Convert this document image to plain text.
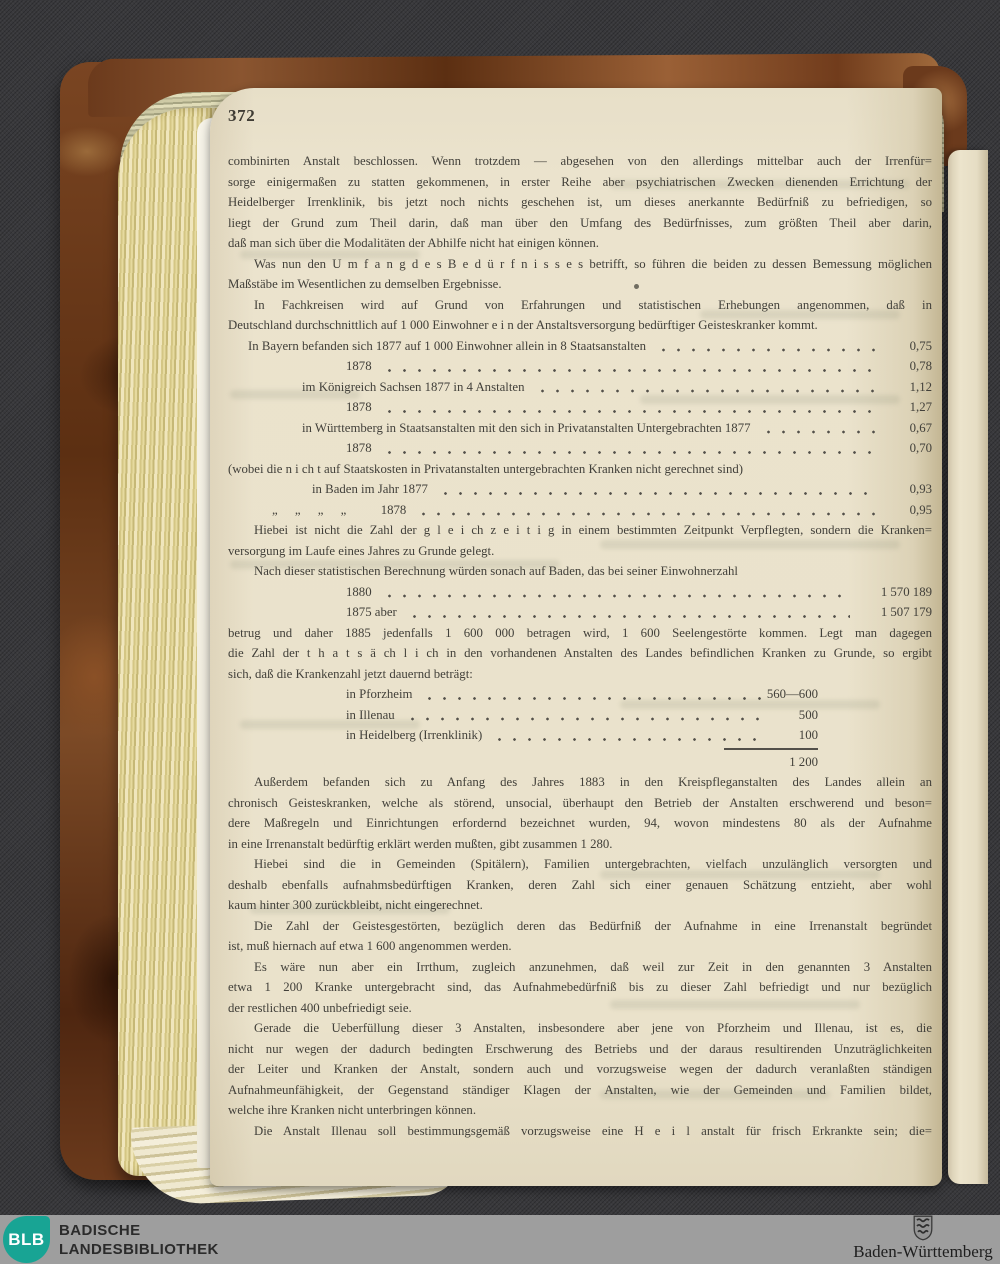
372
combinirten Anstalt beschlossen. Wenn trotzdem — abgesehen von den allerdings mittelbar auch der Irrenfür=
sorge einigermaßen zu statten gekommenen, in erster Reihe aber psychiatrischen Zwecken dienenden Errichtung der
Heidelberger Irrenklinik, bis jetzt noch nichts geschehen ist, um dieses anerkannte Bedürfniß zu befriedigen, so
liegt der Grund zum Theil darin, daß man über den Umfang des Bedürfnisses, zum größten Theil aber darin,
daß man sich über die Modalitäten der Abhilfe nicht hat einigen können.
Was nun den U m f a n g d e s B e d ü r f n i s s e s betrifft, so führen die beiden zu dessen Bemessung möglichen
Maßstäbe im Wesentlichen zu demselben Ergebnisse.
In Fachkreisen wird auf Grund von Erfahrungen und statistischen Erhebungen angenommen, daß in
Deutschland durchschnittlich auf 1 000 Einwohner e i n der Anstaltsversorgung bedürftiger Geisteskranker kommt.
In Bayern befanden sich 1877 auf 1 000 Einwohner allein in 8 Staatsanstalten	0,75
1878	0,78
im Königreich Sachsen 1877 in 4 Anstalten	1,12
1878	1,27
in Württemberg in Staatsanstalten mit den sich in Privatanstalten Untergebrachten 1877	0,67
1878	0,70
(wobei die n i ch t auf Staatskosten in Privatanstalten untergebrachten Kranken nicht gerechnet sind)
in Baden im Jahr 1877	0,93
„ „ „ „  1878	0,95
Hiebei ist nicht die Zahl der g l e i ch z e i t i g in einem bestimmten Zeitpunkt Verpflegten, sondern die Kranken=
versorgung im Laufe eines Jahres zu Grunde gelegt.
Nach dieser statistischen Berechnung würden sonach auf Baden, das bei seiner Einwohnerzahl
1880	1 570 189
1875 aber	1 507 179
betrug und daher 1885 jedenfalls 1 600 000 betragen wird, 1 600 Seelengestörte kommen. Legt man dagegen
die Zahl der t h a t s ä ch l i ch in den vorhandenen Anstalten des Landes befindlichen Kranken zu Grunde, so ergibt
sich, daß die Krankenzahl jetzt dauernd beträgt:
in Pforzheim	560—600
in Illenau	500
in Heidelberg (Irrenklinik)	100
1 200
Außerdem befanden sich zu Anfang des Jahres 1883 in den Kreispfleganstalten des Landes allein an
chronisch Geisteskranken, welche als störend, unsocial, überhaupt den Betrieb der Anstalten erschwerend und beson=
dere Maßregeln und Einrichtungen erfordernd bezeichnet wurden, 94, wovon mindestens 80 als der Aufnahme
in eine Irrenanstalt bedürftig erklärt werden mußten, gibt zusammen 1 280.
Hiebei sind die in Gemeinden (Spitälern), Familien untergebrachten, vielfach unzulänglich versorgten und
deshalb ebenfalls aufnahmsbedürftigen Kranken, deren Zahl sich einer genauen Schätzung entzieht, aber wohl
kaum hinter 300 zurückbleibt, nicht eingerechnet.
Die Zahl der Geistesgestörten, bezüglich deren das Bedürfniß der Aufnahme in eine Irrenanstalt begründet
ist, muß hiernach auf etwa 1 600 angenommen werden.
Es wäre nun aber ein Irrthum, zugleich anzunehmen, daß weil zur Zeit in den genannten 3 Anstalten
etwa 1 200 Kranke untergebracht sind, das Aufnahmebedürfniß bis zu dieser Zahl befriedigt und nur bezüglich
der restlichen 400 unbefriedigt seie.
Gerade die Ueberfüllung dieser 3 Anstalten, insbesondere aber jene von Pforzheim und Illenau, ist es, die
nicht nur wegen der dadurch bedingten Erschwerung des Betriebs und der daraus resultirenden Unzuträglichkeiten
der Leiter und Kranken der Anstalt, sondern auch und vorzugsweise wegen der dadurch veranlaßten ständigen
Aufnahmeunfähigkeit, der Gegenstand ständiger Klagen der Anstalten, wie der Gemeinden und Familien bildet,
welche ihre Kranken nicht unterbringen können.
Die Anstalt Illenau soll bestimmungsgemäß vorzugsweise eine H e i l anstalt für frisch Erkrankte sein; die=
BLB BADISCHE
LANDESBIBLIOTHEK	Baden-Württemberg
